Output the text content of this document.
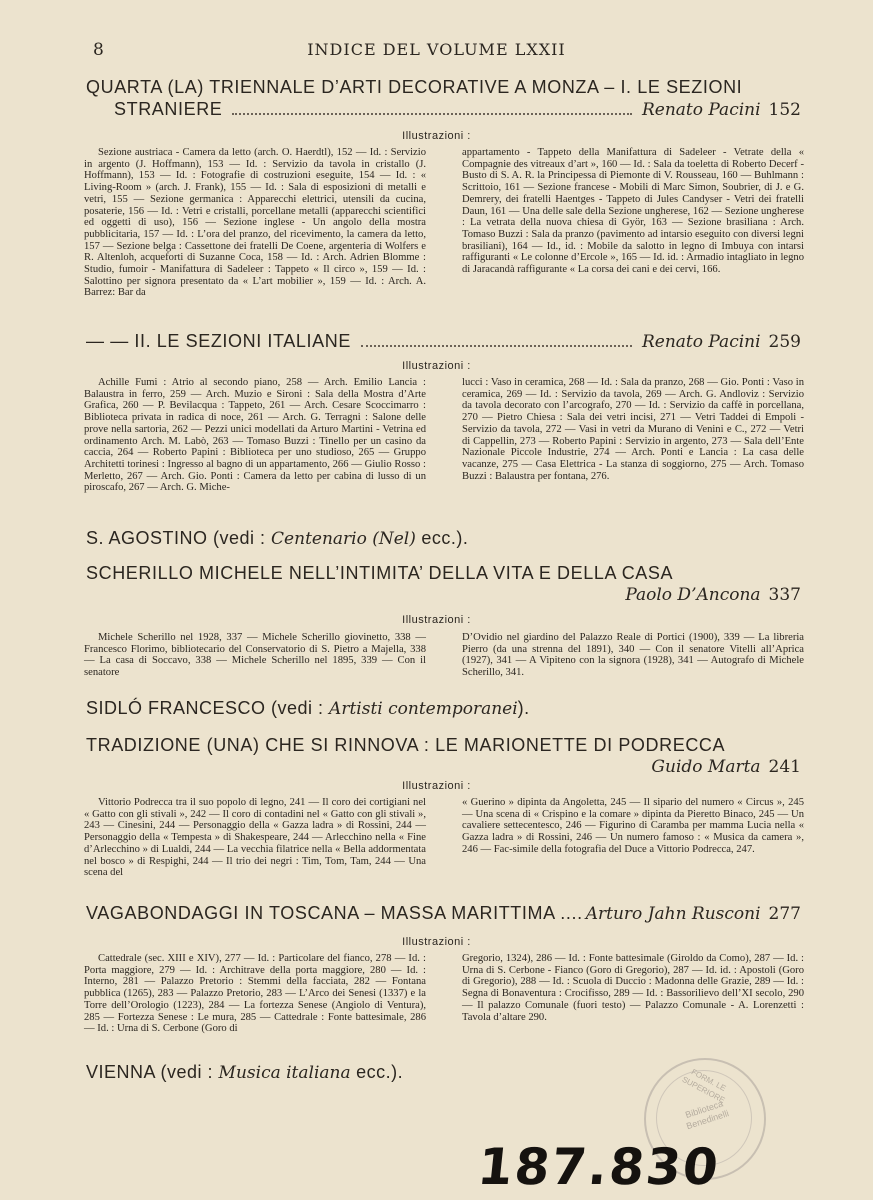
8	INDICE DEL VOLUME LXXII
QUARTA (LA) TRIENNALE D’ARTI DECORATIVE A MONZA – I. LE SEZIONI
STRANIERE	Renato Pacini 152
Illustrazioni :

Sezione austriaca - Camera da letto (arch. O. Haerdtl), 152 — Id. : Servizio in argento (J. Hoffmann), 153 — Id. : Servizio da tavola in cristallo (J. Hoffmann), 153 — Id. : Fotografie di costruzioni eseguite, 154 — Id. : « Living-Room » (arch. J. Frank), 155 — Id. : Sala di esposizioni di metalli e vetri, 155 — Sezione germanica : Apparecchi elettrici, utensili da cucina, posaterie, 156 — Id. : Vetri e cristalli, porcellane metalli (apparecchi scientifici ed oggetti di uso), 156 — Sezione inglese - Un angolo della mostra pubblicitaria, 157 — Id. : L’ora del pranzo, del ricevimento, la camera da letto, 157 — Sezione belga : Cassettone dei fratelli De Coene, argenteria di Wolfers e R. Altenloh, acqueforti di Suzanne Coca, 158 — Id. : Arch. Adrien Blomme : Studio, fumoir - Manifattura di Sadeleer : Tappeto « Il circo », 159 — Id. : Salottino per signora presentato da « L’art mobilier », 159 — Id. : Arch. A. Barrez: Bar da

appartamento - Tappeto della Manifattura di Sadeleer - Vetrate della « Compagnie des vitreaux d’art », 160 — Id. : Sala da toeletta di Roberto Decerf - Busto di S. A. R. la Principessa di Piemonte di V. Rousseau, 160 — Buhlmann : Scrittoio, 161 — Sezione francese - Mobili di Marc Simon, Soubrier, di J. e G. Demrery, dei fratelli Haentges - Tappeto di Jules Candyser - Vetri dei fratelli Daun, 161 — Una delle sale della Sezione ungherese, 162 — Sezione ungherese : La vetrata della nuova chiesa di Györ, 163 — Sezione brasiliana : Arch. Tomaso Buzzi : Sala da pranzo (pavimento ad intarsio eseguito con diversi legni brasiliani), 164 — Id., id. : Mobile da salotto in legno di Imbuya con intarsi raffiguranti « Le colonne d’Ercole », 165 — Id. id. : Armadio intagliato in legno di Jaracandà raffigurante « La corsa dei cani e dei cervi, 166.

— — II. LE SEZIONI ITALIANE	Renato Pacini 259
Illustrazioni :

Achille Fumi : Atrio al secondo piano, 258 — Arch. Emilio Lancia : Balaustra in ferro, 259 — Arch. Muzio e Sironi : Sala della Mostra d’Arte Grafica, 260 — P. Bevilacqua : Tappeto, 261 — Arch. Cesare Scoccimarro : Biblioteca privata in radica di noce, 261 — Arch. G. Terragni : Salone delle prove nella sartoria, 262 — Pezzi unici modellati da Arturo Martini - Vetrina ed ordinamento Arch. M. Labò, 263 — Tomaso Buzzi : Tinello per un casino da caccia, 264 — Roberto Papini : Biblioteca per uno studioso, 265 — Gruppo Architetti torinesi : Ingresso al bagno di un appartamento, 266 — Giulio Rosso : Merletto, 267 — Arch. Gio. Ponti : Camera da letto per cabina di lusso di un piroscafo, 267 — Arch. G. Miche-

lucci : Vaso in ceramica, 268 — Id. : Sala da pranzo, 268 — Gio. Ponti : Vaso in ceramica, 269 — Id. : Servizio da tavola, 269 — Arch. G. Andloviz : Servizio da tavola decorato con l’arcografo, 270 — Id. : Servizio da caffè in porcellana, 270 — Pietro Chiesa : Sala dei vetri incisi, 271 — Vetri Taddei di Empoli - Servizio da tavola, 272 — Vasi in vetri da Murano di Venini e C., 272 — Vetri di Cappellin, 273 — Roberto Papini : Servizio in argento, 273 — Sala dell’Ente Nazionale Piccole Industrie, 274 — Arch. Ponti e Lancia : La casa delle vacanze, 275 — Casa Elettrica - La stanza di soggiorno, 275 — Arch. Tomaso Buzzi : Balaustra per fontana, 276.

S. AGOSTINO (vedi : Centenario (Nel) ecc.).
SCHERILLO MICHELE NELL’INTIMITA’ DELLA VITA E DELLA CASA
Paolo D’Ancona 337
Illustrazioni :

Michele Scherillo nel 1928, 337 — Michele Scherillo giovinetto, 338 — Francesco Florimo, bibliotecario del Conservatorio di S. Pietro a Majella, 338 — La casa di Soccavo, 338 — Michele Scherillo nel 1895, 339 — Con il senatore

D’Ovidio nel giardino del Palazzo Reale di Portici (1900), 339 — La libreria Pierro (da una strenna del 1891), 340 — Con il senatore Vitelli all’Aprica (1927), 341 — A Vipiteno con la signora (1928), 341 — Autografo di Michele Scherillo, 341.

SIDLÓ FRANCESCO (vedi : Artisti contemporanei).
TRADIZIONE (UNA) CHE SI RINNOVA : LE MARIONETTE DI PODRECCA
Guido Marta 241
Illustrazioni :

Vittorio Podrecca tra il suo popolo di legno, 241 — Il coro dei cortigiani nel « Gatto con gli stivali », 242 — Il coro di contadini nel « Gatto con gli stivali », 243 — Cinesini, 244 — Personaggio della « Gazza ladra » di Rossini, 244 — Personaggio della « Tempesta » di Shakespeare, 244 — Arlecchino nella « Fine d’Arlecchino » di Lualdi, 244 — La vecchia filatrice nella « Bella addormentata nel bosco » di Respighi, 244 — Il trio dei negri : Tim, Tom, Tam, 244 — Una scena del

« Guerino » dipinta da Angoletta, 245 — Il sipario del numero « Circus », 245 — Una scena di « Crispino e la comare » dipinta da Pieretto Binaco, 245 — Un cavaliere settecentesco, 246 — Figurino di Caramba per mamma Lucia nella « Gazza ladra » di Rossini, 246 — Un numero famoso : « Musica da camera », 246 — Fac-simile della fotografia del Duce a Vittorio Podrecca, 247.

VAGABONDAGGI IN TOSCANA – MASSA MARITTIMA .... Arturo Jahn Rusconi 277
Illustrazioni :

Cattedrale (sec. XIII e XIV), 277 — Id. : Particolare del fianco, 278 — Id. : Porta maggiore, 279 — Id. : Architrave della porta maggiore, 280 — Id. : Interno, 281 — Palazzo Pretorio : Stemmi della facciata, 282 — Fontana pubblica (1265), 283 — Palazzo Pretorio, 283 — L’Arco dei Senesi (1337) e la Torre dell’Orologio (1223), 284 — La fortezza Senese (Angiolo di Ventura), 285 — Fortezza Senese : Le mura, 285 — Cattedrale : Fonte battesimale, 286 — Id. : Urna di S. Cerbone (Goro di

Gregorio, 1324), 286 — Id. : Fonte battesimale (Giroldo da Como), 287 — Id. : Urna di S. Cerbone - Fianco (Goro di Gregorio), 287 — Id. id. : Apostoli (Goro di Gregorio), 288 — Id. : Scuola di Duccio : Madonna delle Grazie, 289 — Id. : Segna di Bonaventura : Crocifisso, 289 — Id. : Bassorilievo dell’XI secolo, 290 — Il palazzo Comunale (fuori testo) — Palazzo Comunale - A. Lorenzetti : Tavola d’altare 290.

VIENNA (vedi : Musica italiana ecc.).	FORM. LE SUPERIORE
Biblioteca Benedinelli
187.830
